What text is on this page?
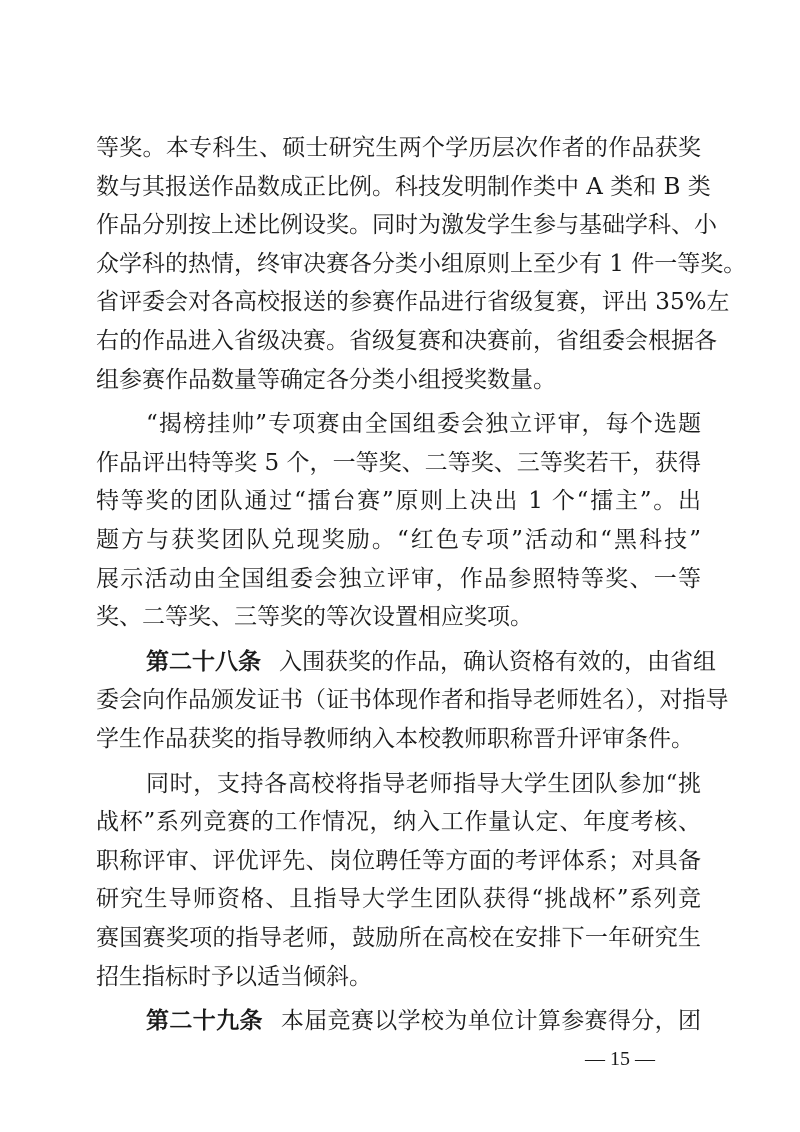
等奖。本专科生、硕士研究生两个学历层次作者的作品获奖
数与其报送作品数成正比例。科技发明制作类中 A 类和 B 类
作品分别按上述比例设奖。同时为激发学生参与基础学科、小
众学科的热情，终审决赛各分类小组原则上至少有 1 件一等奖。
省评委会对各高校报送的参赛作品进行省级复赛，评出 35%左
右的作品进入省级决赛。省级复赛和决赛前，省组委会根据各
组参赛作品数量等确定各分类小组授奖数量。
“揭榜挂帅”专项赛由全国组委会独立评审，每个选题
作品评出特等奖 5 个，一等奖、二等奖、三等奖若干，获得
特等奖的团队通过“擂台赛”原则上决出 1 个“擂主”。出
题方与获奖团队兑现奖励。“红色专项”活动和“黑科技”
展示活动由全国组委会独立评审，作品参照特等奖、一等
奖、二等奖、三等奖的等次设置相应奖项。
第二十八条 入围获奖的作品，确认资格有效的，由省组
委会向作品颁发证书（证书体现作者和指导老师姓名），对指导
学生作品获奖的指导教师纳入本校教师职称晋升评审条件。
同时，支持各高校将指导老师指导大学生团队参加“挑
战杯”系列竞赛的工作情况，纳入工作量认定、年度考核、
职称评审、评优评先、岗位聘任等方面的考评体系；对具备
研究生导师资格、且指导大学生团队获得“挑战杯”系列竞
赛国赛奖项的指导老师，鼓励所在高校在安排下一年研究生
招生指标时予以适当倾斜。
— 15 —
第二十九条 本届竞赛以学校为单位计算参赛得分，团
